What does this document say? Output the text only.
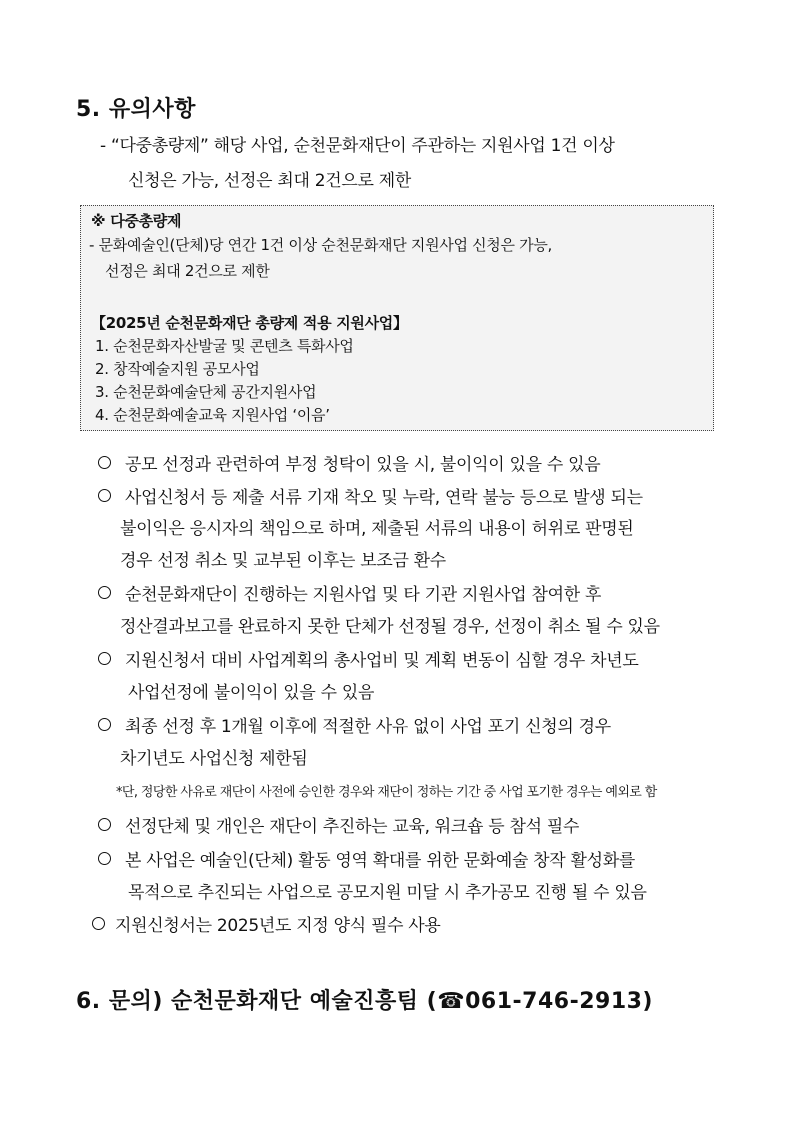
5. 유의사항
- “다중총량제” 해당 사업, 순천문화재단이 주관하는 지원사업 1건 이상
신청은 가능, 선정은 최대 2건으로 제한
※ 다중총량제
- 문화예술인(단체)당 연간 1건 이상 순천문화재단 지원사업 신청은 가능,
선정은 최대 2건으로 제한
【2025년 순천문화재단 총량제 적용 지원사업】
1. 순천문화자산발굴 및 콘텐츠 특화사업
2. 창작예술지원 공모사업
3. 순천문화예술단체 공간지원사업
4. 순천문화예술교육 지원사업 ‘이음’
공모 선정과 관련하여 부정 청탁이 있을 시, 불이익이 있을 수 있음
사업신청서 등 제출 서류 기재 착오 및 누락, 연락 불능 등으로 발생 되는
불이익은 응시자의 책임으로 하며, 제출된 서류의 내용이 허위로 판명된
경우 선정 취소 및 교부된 이후는 보조금 환수
순천문화재단이 진행하는 지원사업 및 타 기관 지원사업 참여한 후
정산결과보고를 완료하지 못한 단체가 선정될 경우, 선정이 취소 될 수 있음
지원신청서 대비 사업계획의 총사업비 및 계획 변동이 심할 경우 차년도
사업선정에 불이익이 있을 수 있음
최종 선정 후 1개월 이후에 적절한 사유 없이 사업 포기 신청의 경우
차기년도 사업신청 제한됨
*단, 정당한 사유로 재단이 사전에 승인한 경우와 재단이 정하는 기간 중 사업 포기한 경우는 예외로 함
선정단체 및 개인은 재단이 추진하는 교육, 워크숍 등 참석 필수
본 사업은 예술인(단체) 활동 영역 확대를 위한 문화예술 창작 활성화를
목적으로 추진되는 사업으로 공모지원 미달 시 추가공모 진행 될 수 있음
지원신청서는 2025년도 지정 양식 필수 사용
6. 문의) 순천문화재단 예술진흥팀 (☎061-746-2913)
